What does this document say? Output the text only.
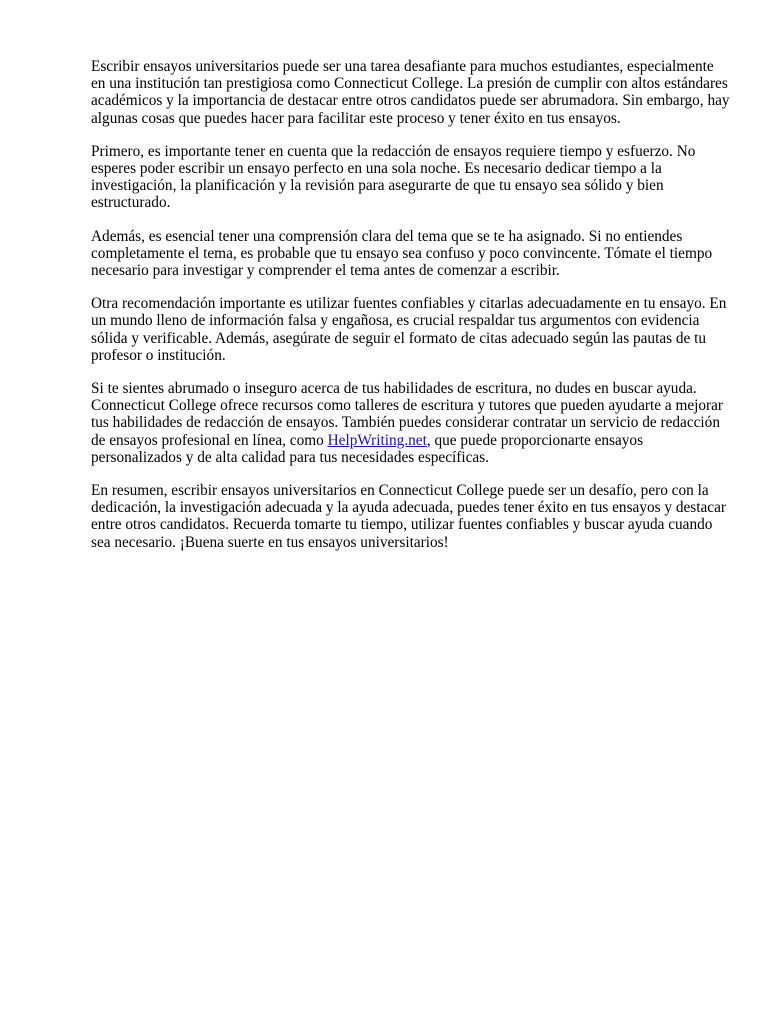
Escribir ensayos universitarios puede ser una tarea desafiante para muchos estudiantes, especialmente en una institución tan prestigiosa como Connecticut College. La presión de cumplir con altos estándares académicos y la importancia de destacar entre otros candidatos puede ser abrumadora. Sin embargo, hay algunas cosas que puedes hacer para facilitar este proceso y tener éxito en tus ensayos.

Primero, es importante tener en cuenta que la redacción de ensayos requiere tiempo y esfuerzo. No esperes poder escribir un ensayo perfecto en una sola noche. Es necesario dedicar tiempo a la investigación, la planificación y la revisión para asegurarte de que tu ensayo sea sólido y bien estructurado.

Además, es esencial tener una comprensión clara del tema que se te ha asignado. Si no entiendes completamente el tema, es probable que tu ensayo sea confuso y poco convincente. Tómate el tiempo necesario para investigar y comprender el tema antes de comenzar a escribir.

Otra recomendación importante es utilizar fuentes confiables y citarlas adecuadamente en tu ensayo. En un mundo lleno de información falsa y engañosa, es crucial respaldar tus argumentos con evidencia sólida y verificable. Además, asegúrate de seguir el formato de citas adecuado según las pautas de tu profesor o institución.

Si te sientes abrumado o inseguro acerca de tus habilidades de escritura, no dudes en buscar ayuda. Connecticut College ofrece recursos como talleres de escritura y tutores que pueden ayudarte a mejorar tus habilidades de redacción de ensayos. También puedes considerar contratar un servicio de redacción de ensayos profesional en línea, como HelpWriting.net, que puede proporcionarte ensayos personalizados y de alta calidad para tus necesidades específicas.

En resumen, escribir ensayos universitarios en Connecticut College puede ser un desafío, pero con la dedicación, la investigación adecuada y la ayuda adecuada, puedes tener éxito en tus ensayos y destacar entre otros candidatos. Recuerda tomarte tu tiempo, utilizar fuentes confiables y buscar ayuda cuando sea necesario. ¡Buena suerte en tus ensayos universitarios!
